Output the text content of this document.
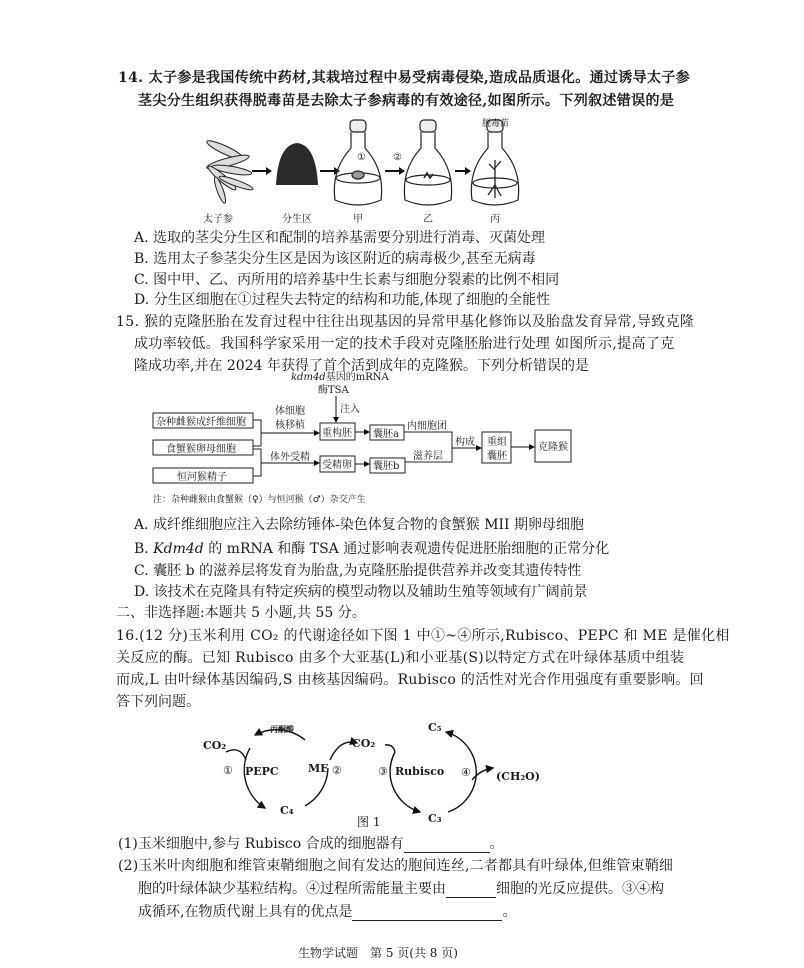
14. 太子参是我国传统中药材,其栽培过程中易受病毒侵染,造成品质退化。通过诱导太子参
茎尖分生组织获得脱毒苗是去除太子参病毒的有效途径,如图所示。下列叙述错误的是
①	②
脱毒苗
太子参	分生区	甲	乙	丙
A. 选取的茎尖分生区和配制的培养基需要分别进行消毒、灭菌处理
B. 选用太子参茎尖分生区是因为该区附近的病毒极少,甚至无病毒
C. 图中甲、乙、丙所用的培养基中生长素与细胞分裂素的比例不相同
D. 分生区细胞在①过程失去特定的结构和功能,体现了细胞的全能性
15. 猴的克隆胚胎在发育过程中往往出现基因的异常甲基化修饰以及胎盘发育异常,导致克隆
成功率较低。我国科学家采用一定的技术手段对克隆胚胎进行处理 如图所示,提高了克
隆成功率,并在 2024 年获得了首个活到成年的克隆猴。下列分析错误的是
kdm4d基因的mRNA
酶TSA
注入
杂种雌猴成纤维细胞
食蟹猴卵母细胞
恒河猴精子
体细胞
核移植
体外受精
重构胚
受精卵
囊胚a
囊胚b
内细胞团
滋养层
构成 重组
囊胚
克隆猴
注：杂种雌猴由食蟹猴（♀）与恒河猴（♂）杂交产生
A. 成纤维细胞应注入去除纺锤体-染色体复合物的食蟹猴 MII 期卵母细胞
B. Kdm4d 的 mRNA 和酶 TSA 通过影响表观遗传促进胚胎细胞的正常分化
C. 囊胚 b 的滋养层将发育为胎盘,为克隆胚胎提供营养并改变其遗传特性
D. 该技术在克隆具有特定疾病的模型动物以及辅助生殖等领域有广阔前景
二、非选择题:本题共 5 小题,共 55 分。
16.(12 分)玉米利用 CO₂ 的代谢途径如下图 1 中①~④所示,Rubisco、PEPC 和 ME 是催化相
关反应的酶。已知 Rubisco 由多个大亚基(L)和小亚基(S)以特定方式在叶绿体基质中组装
而成,L 由叶绿体基因编码,S 由核基因编码。Rubisco 的活性对光合作用强度有重要影响。回
答下列问题。
丙酮酸
CO₂
① PEPC	ME ②
C₄
CO₂
③ Rubisco ④ (CH₂O)
C₅
C₃
图 1
(1)玉米细胞中,参与 Rubisco 合成的细胞器有	。
(2)玉米叶肉细胞和维管束鞘细胞之间有发达的胞间连丝,二者都具有叶绿体,但维管束鞘细
胞的叶绿体缺少基粒结构。④过程所需能量主要由	细胞的光反应提供。③④构
成循环,在物质代谢上具有的优点是	。
生物学试题　第 5 页(共 8 页)
